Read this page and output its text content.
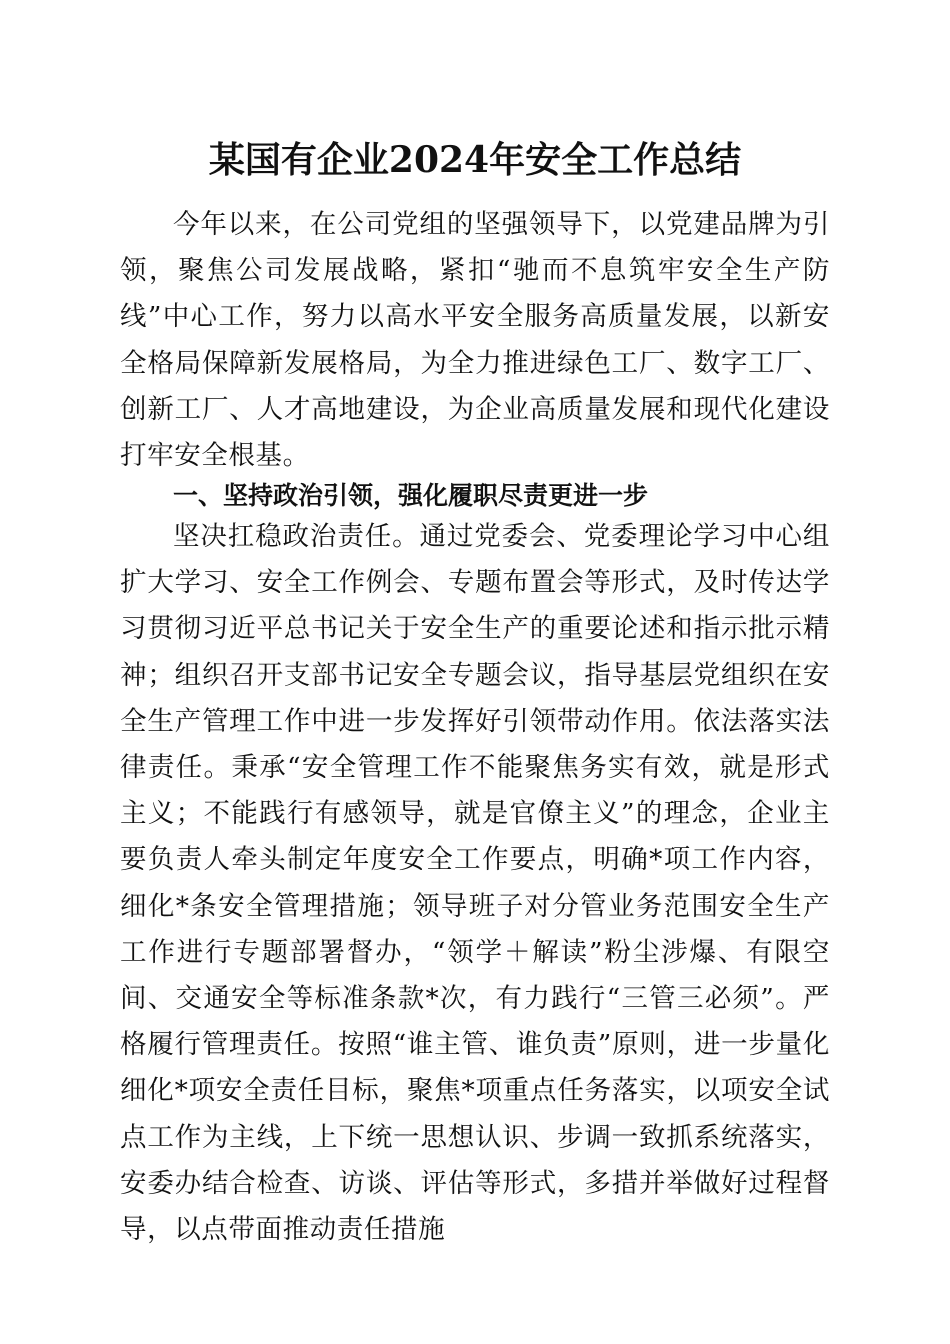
某国有企业2024年安全工作总结

今年以来，在公司党组的坚强领导下，以党建品牌为引领，聚焦公司发展战略，紧扣“驰而不息筑牢安全生产防线”中心工作，努力以高水平安全服务高质量发展，以新安全格局保障新发展格局，为全力推进绿色工厂、数字工厂、创新工厂、人才高地建设，为企业高质量发展和现代化建设打牢安全根基。

一、坚持政治引领，强化履职尽责更进一步

坚决扛稳政治责任。通过党委会、党委理论学习中心组扩大学习、安全工作例会、专题布置会等形式，及时传达学习贯彻习近平总书记关于安全生产的重要论述和指示批示精神；组织召开支部书记安全专题会议，指导基层党组织在安全生产管理工作中进一步发挥好引领带动作用。依法落实法律责任。秉承“安全管理工作不能聚焦务实有效，就是形式主义；不能践行有感领导，就是官僚主义”的理念，企业主要负责人牵头制定年度安全工作要点，明确*项工作内容，细化*条安全管理措施；领导班子对分管业务范围安全生产工作进行专题部署督办，“领学＋解读”粉尘涉爆、有限空间、交通安全等标准条款*次，有力践行“三管三必须”。严格履行管理责任。按照“谁主管、谁负责”原则，进一步量化细化*项安全责任目标，聚焦*项重点任务落实，以项安全试点工作为主线，上下统一思想认识、步调一致抓系统落实，安委办结合检查、访谈、评估等形式，多措并举做好过程督导，以点带面推动责任措施
